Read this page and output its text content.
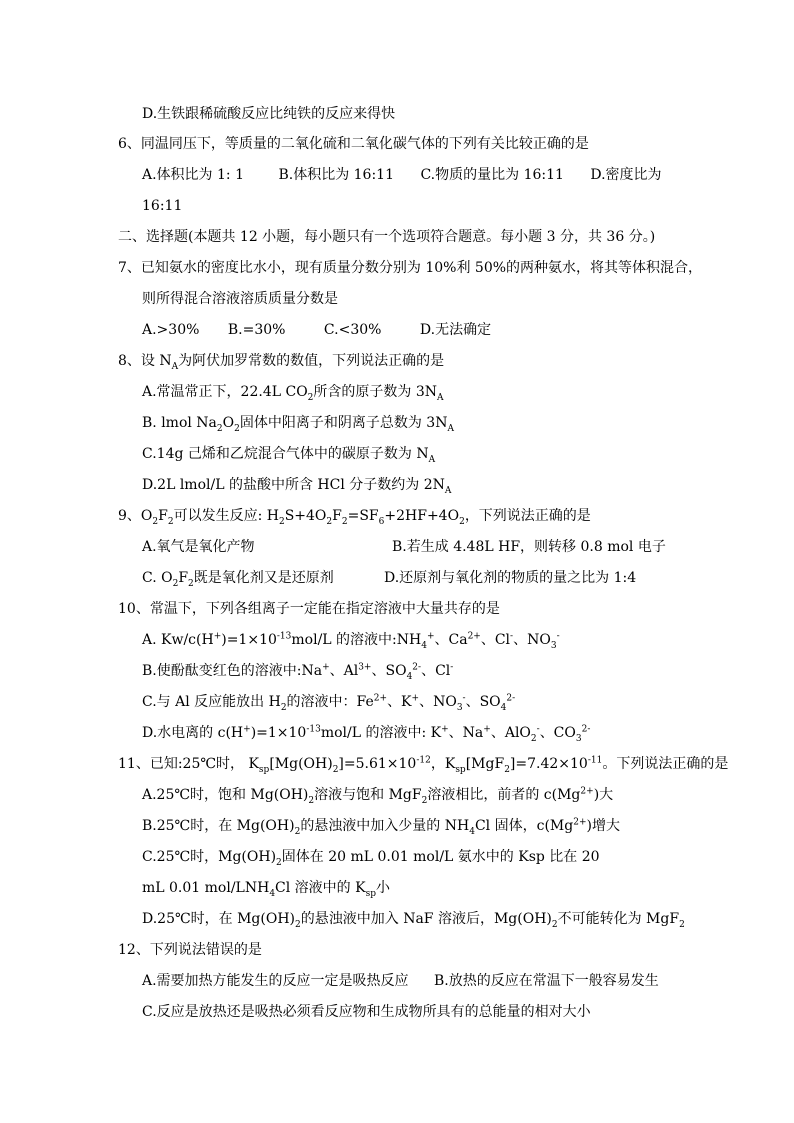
D.生铁跟稀硫酸反应比纯铁的反应来得快
6、同温同压下，等质量的二氧化硫和二氧化碳气体的下列有关比较正确的是
A.体积比为 1: 1 B.体积比为 16:11 C.物质的量比为 16:11 D.密度比为
16:11
二、选择题(本题共 12 小题，每小题只有一个选项符合题意。每小题 3 分，共 36 分。)
7、已知氨水的密度比水小，现有质量分数分别为 10%利 50%的两种氨水，将其等体积混合，
则所得混合溶液溶质质量分数是
A.>30% B.=30%	C.<30%	D.无法确定
8、设 $N_A$为阿伏加罗常数的数值，下列说法正确的是
A.常温常正下，22.4L $CO_2$所含的原子数为 $3N_A$
B. lmol $Na_2O_2$固体中阳离子和阴离子总数为 $3N_A$
C.14g 己烯和乙烷混合气体中的碳原子数为 $N_A$
D.2L lmol/L 的盐酸中所含 HCl 分子数约为 $2N_A$
9、$O_2F_2$可以发生反应: $H_2S+4O_2F_2=SF_6+2HF+4O_2$，下列说法正确的是
A.氧气是氧化产物	B.若生成 4.48L HF，则转移 0.8 mol 电子
C. $O_2F_2$既是氧化剂又是还原剂	D.还原剂与氧化剂的物质的量之比为 1:4
10、常温下，下列各组离子一定能在指定溶液中大量共存的是
A. $Kw/c(H^+)=1\times 10^{-13}mol/L$ 的溶液中$:NH_4^+$、$Ca^{2+}$、Cl-、$NO_3^-$
B.使酚酞变红色的溶液中:Na+、$Al^{3+}$、$SO_4^{2-}$、Cl-
C.与 Al 反应能放出 $H_2$的溶液中：$Fe^{2+}$、K+、$NO_3^-$、$SO_4^{2-}$
D.水电离的 $c(H^+)=1\times 10^{-13}mol/L$ 的溶液中: K+、Na+、AlO$_2$-、$CO_3^{2-}$
11、已知:25℃时， $K_{sp}[Mg(OH)_2]=5.61\times 10^{-12}$，$K_{sp}[MgF_2]=7.42\times 10^{-11}$。下列说法正确的是
A.25℃时，饱和 $Mg(OH)_2$溶液与饱和 MgF$_2$溶液相比，前者的 $c(Mg^{2+})$大
B.25℃时，在 $Mg(OH)_2$的悬浊液中加入少量的 $NH_4Cl$ 固体，$c(Mg^{2+})$增大
C.25℃时，$Mg(OH)_2$固体在 20 mL 0.01 mol/L 氨水中的 Ksp 比在 20
mL 0.01 mol/$LNH_4Cl$ 溶液中的 $K_{sp}$小
D.25℃时，在 $Mg(OH)_2$的悬浊液中加入 NaF 溶液后，$Mg(OH)_2$不可能转化为 MgF$_2$
12、下列说法错误的是
A.需要加热方能发生的反应一定是吸热反应 B.放热的反应在常温下一般容易发生
C.反应是放热还是吸热必须看反应物和生成物所具有的总能量的相对大小
